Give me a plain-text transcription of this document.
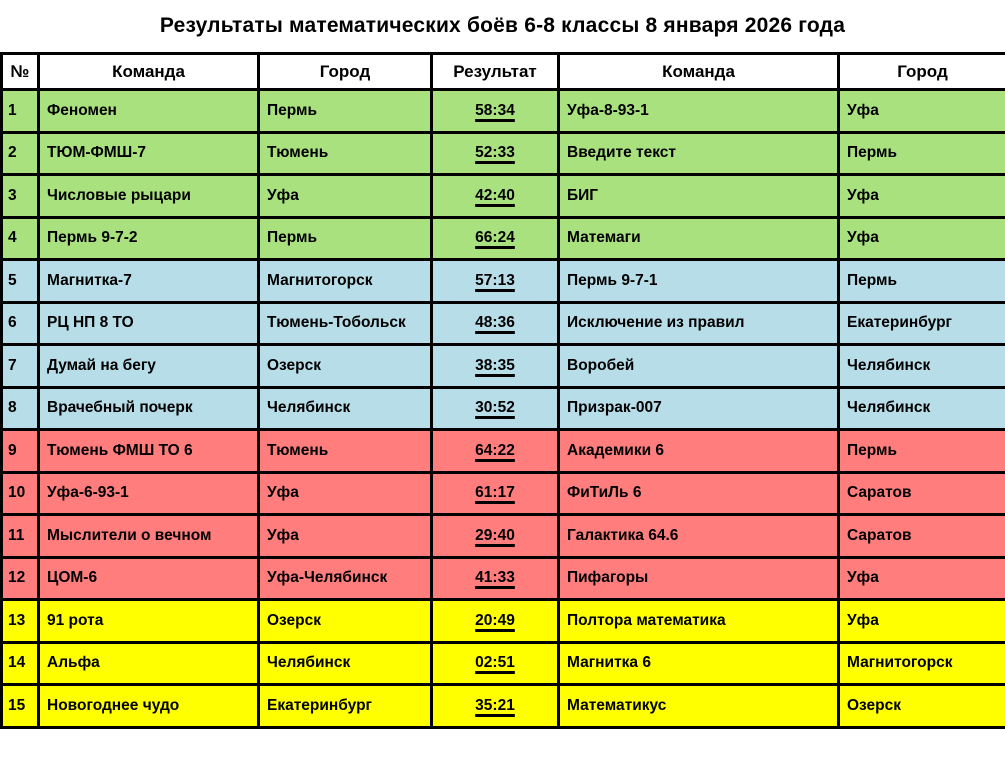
Результаты математических боёв 6-8 классы 8 января 2026 года
№	Команда	Город	Результат	Команда	Город
1	Феномен	Пермь	58:34	Уфа-8-93-1	Уфа
2	ТЮМ-ФМШ-7	Тюмень	52:33	Введите текст	Пермь
3	Числовые рыцари	Уфа	42:40	БИГ	Уфа
4	Пермь 9-7-2	Пермь	66:24	Матемаги	Уфа
5	Магнитка-7	Магнитогорск	57:13	Пермь 9-7-1	Пермь
6	РЦ НП 8 ТО	Тюмень-Тобольск	48:36	Исключение из правил	Екатеринбург
7	Думай на бегу	Озерск	38:35	Воробей	Челябинск
8	Врачебный почерк	Челябинск	30:52	Призрак-007	Челябинск
9	Тюмень ФМШ ТО 6	Тюмень	64:22	Академики 6	Пермь
10	Уфа-6-93-1	Уфа	61:17	ФиТиЛь 6	Саратов
11	Мыслители о вечном	Уфа	29:40	Галактика 64.6	Саратов
12	ЦОМ-6	Уфа-Челябинск	41:33	Пифагоры	Уфа
13	91 рота	Озерск	20:49	Полтора математика	Уфа
14	Альфа	Челябинск	02:51	Магнитка 6	Магнитогорск
15	Новогоднее чудо	Екатеринбург	35:21	Математикус	Озерск
